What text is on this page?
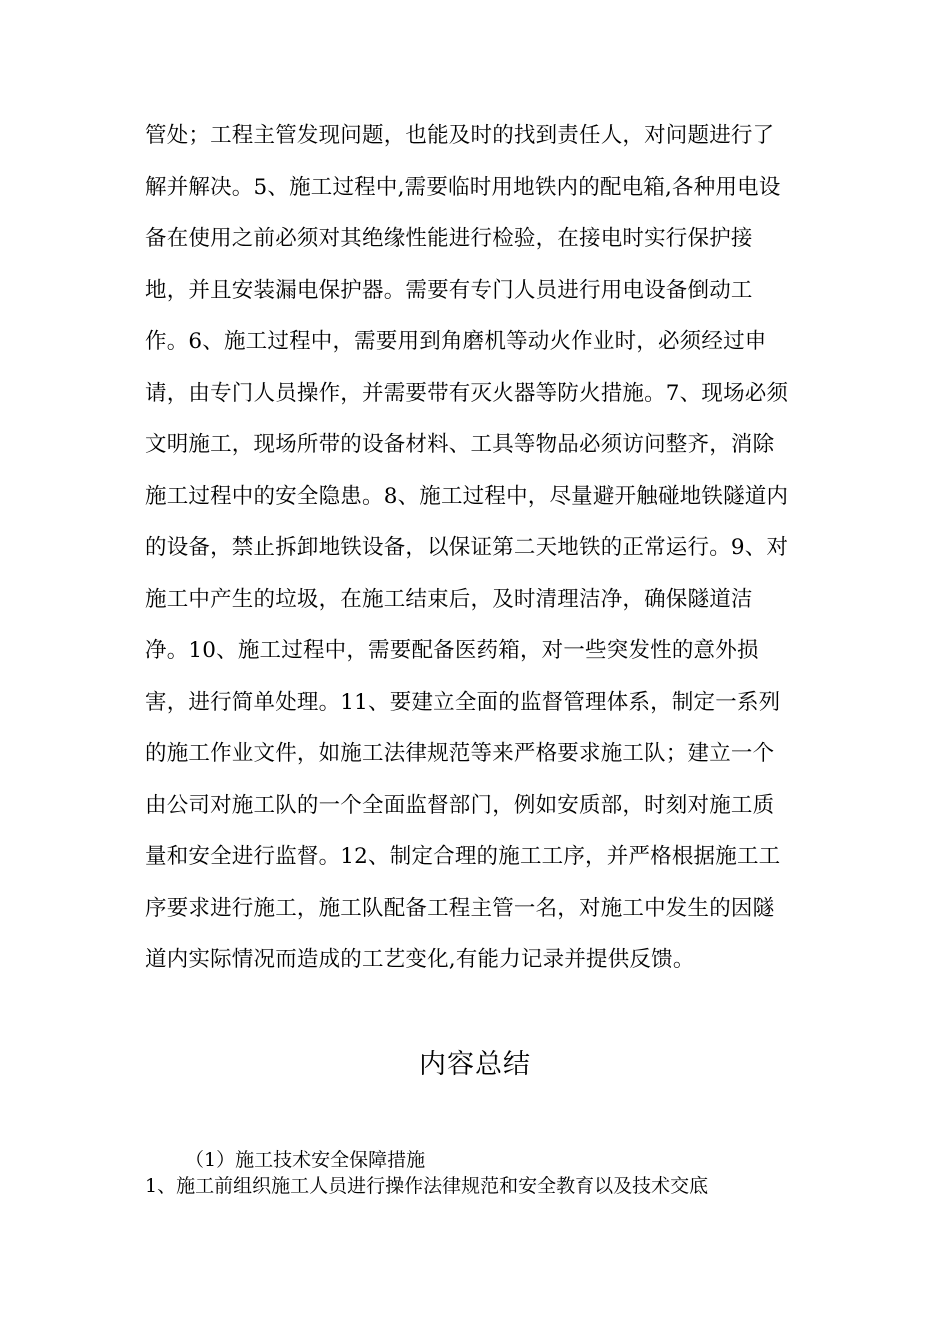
管处；工程主管发现问题，也能及时的找到责任人，对问题进行了
解并解决。5、施工过程中,需要临时用地铁内的配电箱,各种用电设
备在使用之前必须对其绝缘性能进行检验，在接电时实行保护接
地，并且安装漏电保护器。需要有专门人员进行用电设备倒动工
作。6、施工过程中，需要用到角磨机等动火作业时，必须经过申
请，由专门人员操作，并需要带有灭火器等防火措施。7、现场必须
文明施工，现场所带的设备材料、工具等物品必须访问整齐，消除
施工过程中的安全隐患。8、施工过程中，尽量避开触碰地铁隧道内
的设备，禁止拆卸地铁设备，以保证第二天地铁的正常运行。9、对
施工中产生的垃圾，在施工结束后，及时清理洁净，确保隧道洁
净。10、施工过程中，需要配备医药箱，对一些突发性的意外损
害，进行简单处理。11、要建立全面的监督管理体系，制定一系列
的施工作业文件，如施工法律规范等来严格要求施工队；建立一个
由公司对施工队的一个全面监督部门，例如安质部，时刻对施工质
量和安全进行监督。12、制定合理的施工工序，并严格根据施工工
序要求进行施工，施工队配备工程主管一名，对施工中发生的因隧
道内实际情况而造成的工艺变化,有能力记录并提供反馈。
内容总结
（1）施工技术安全保障措施
1、施工前组织施工人员进行操作法律规范和安全教育以及技术交底
